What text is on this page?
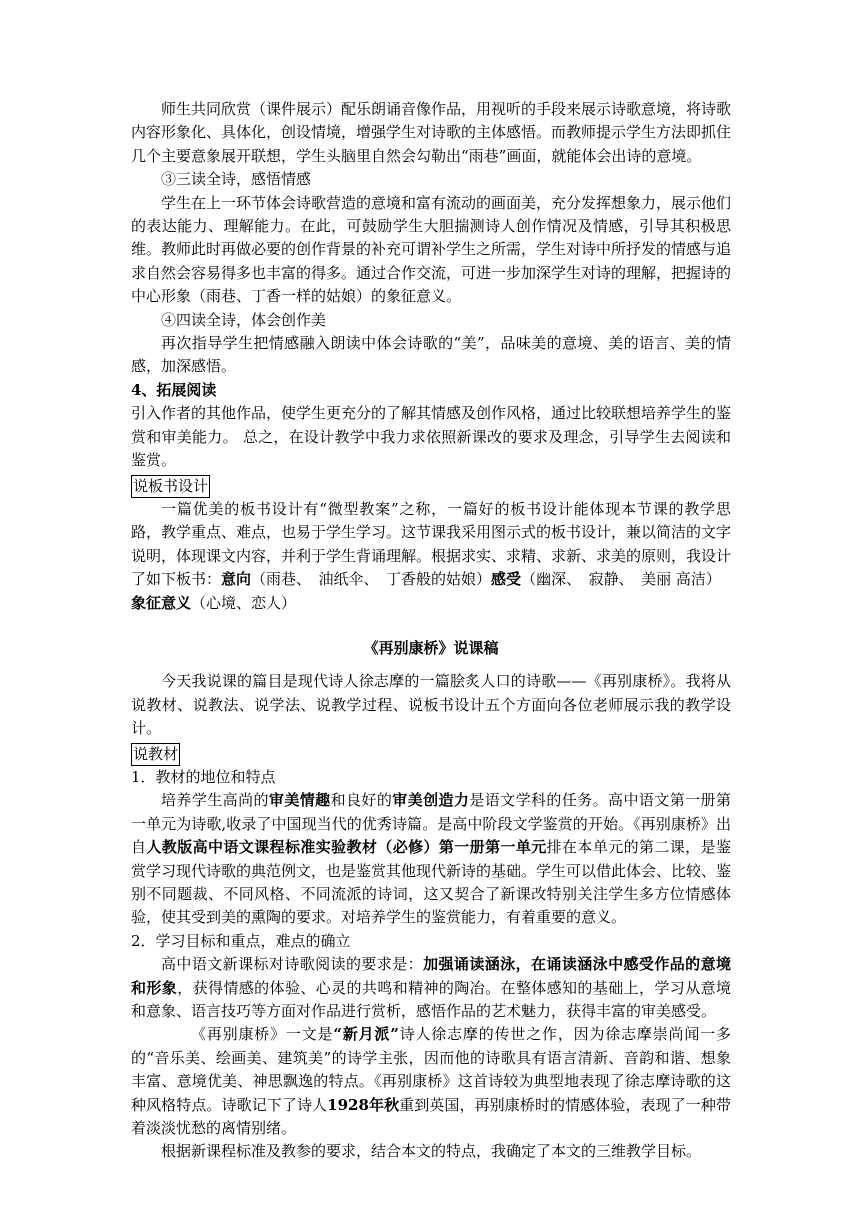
师生共同欣赏（课件展示）配乐朗诵音像作品，用视听的手段来展示诗歌意境，将诗歌内容形象化、具体化，创设情境，增强学生对诗歌的主体感悟。而教师提示学生方法即抓住几个主要意象展开联想，学生头脑里自然会勾勒出“雨巷”画面，就能体会出诗的意境。

③三读全诗，感悟情感

学生在上一环节体会诗歌营造的意境和富有流动的画面美，充分发挥想象力，展示他们的表达能力、理解能力。在此，可鼓励学生大胆揣测诗人创作情况及情感，引导其积极思维。教师此时再做必要的创作背景的补充可谓补学生之所需，学生对诗中所抒发的情感与追求自然会容易得多也丰富的得多。通过合作交流，可进一步加深学生对诗的理解，把握诗的中心形象（雨巷、丁香一样的姑娘）的象征意义。

④四读全诗，体会创作美

再次指导学生把情感融入朗读中体会诗歌的“美”，品味美的意境、美的语言、美的情感，加深感悟。

4、拓展阅读

引入作者的其他作品，使学生更充分的了解其情感及创作风格，通过比较联想培养学生的鉴赏和审美能力。 总之，在设计教学中我力求依照新课改的要求及理念，引导学生去阅读和鉴赏。

说板书设计

一篇优美的板书设计有“微型教案”之称，一篇好的板书设计能体现本节课的教学思路，教学重点、难点，也易于学生学习。这节课我采用图示式的板书设计，兼以简洁的文字说明，体现课文内容，并利于学生背诵理解。根据求实、求精、求新、求美的原则，我设计了如下板书：意向（雨巷、　油纸伞、　丁香般的姑娘）感受（幽深、　寂静、　美丽 高洁）
象征意义（心境、恋人）

《再别康桥》说课稿

今天我说课的篇目是现代诗人徐志摩的一篇脍炙人口的诗歌——《再别康桥》。我将从说教材、说教法、说学法、说教学过程、说板书设计五个方面向各位老师展示我的教学设计。

说教材

1．教材的地位和特点

培养学生高尚的审美情趣和良好的审美创造力是语文学科的任务。高中语文第一册第一单元为诗歌,收录了中国现当代的优秀诗篇。是高中阶段文学鉴赏的开始。《再别康桥》出自人教版高中语文课程标准实验教材（必修）第一册第一单元排在本单元的第二课，是鉴赏学习现代诗歌的典范例文，也是鉴赏其他现代新诗的基础。学生可以借此体会、比较、鉴别不同题裁、不同风格、不同流派的诗词，这又契合了新课改特别关注学生多方位情感体验，使其受到美的熏陶的要求。对培养学生的鉴赏能力，有着重要的意义。

2．学习目标和重点，难点的确立

高中语文新课标对诗歌阅读的要求是：加强诵读涵泳，在诵读涵泳中感受作品的意境和形象，获得情感的体验、心灵的共鸣和精神的陶冶。在整体感知的基础上，学习从意境和意象、语言技巧等方面对作品进行赏析，感悟作品的艺术魅力，获得丰富的审美感受。

《再别康桥》一文是“新月派”诗人徐志摩的传世之作，因为徐志摩崇尚闻一多的“音乐美、绘画美、建筑美”的诗学主张，因而他的诗歌具有语言清新、音韵和谐、想象丰富、意境优美、神思飘逸的特点。《再别康桥》这首诗较为典型地表现了徐志摩诗歌的这种风格特点。诗歌记下了诗人1928年秋重到英国，再别康桥时的情感体验，表现了一种带着淡淡忧愁的离情别绪。

根据新课程标准及教参的要求，结合本文的特点，我确定了本文的三维教学目标。
